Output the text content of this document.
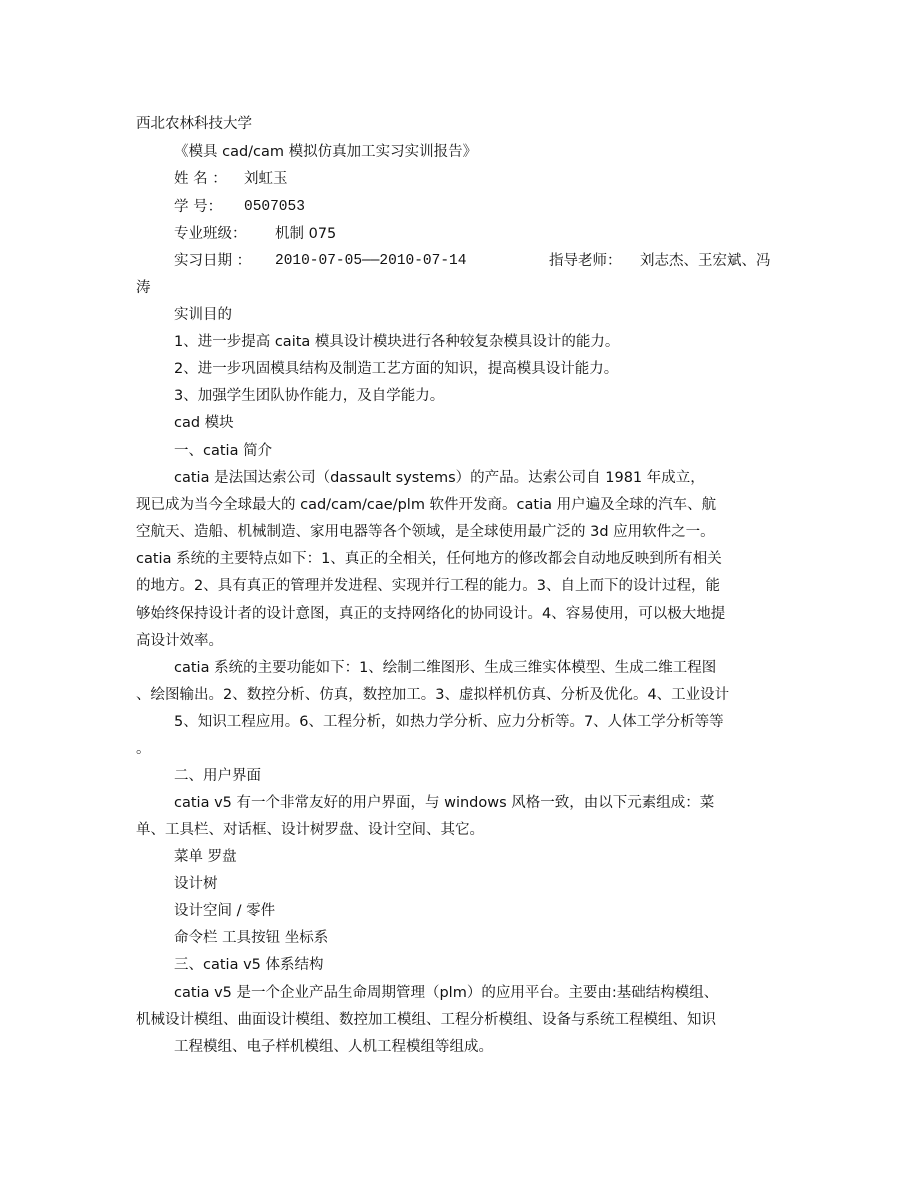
西北农林科技大学
《模具 cad/cam 模拟仿真加工实习实训报告》
姓 名 ： 刘虹玉
学 号： 0507053
专业班级： 机制 075
实习日期 ： 2010-07-05——2010-07-14	指导老师： 刘志杰、王宏斌、冯
涛
实训目的
1、进一步提高 caita 模具设计模块进行各种较复杂模具设计的能力。
2、进一步巩固模具结构及制造工艺方面的知识，提高模具设计能力。
3、加强学生团队协作能力，及自学能力。
cad 模块
一、catia 简介
catia 是法国达索公司（dassault systems）的产品。达索公司自 1981 年成立，
现已成为当今全球最大的 cad/cam/cae/plm 软件开发商。catia 用户遍及全球的汽车、航
空航天、造船、机械制造、家用电器等各个领域，是全球使用最广泛的 3d 应用软件之一。
catia 系统的主要特点如下：1、真正的全相关，任何地方的修改都会自动地反映到所有相关
的地方。2、具有真正的管理并发进程、实现并行工程的能力。3、自上而下的设计过程，能
够始终保持设计者的设计意图，真正的支持网络化的协同设计。4、容易使用，可以极大地提
高设计效率。
catia 系统的主要功能如下：1、绘制二维图形、生成三维实体模型、生成二维工程图
、绘图输出。2、数控分析、仿真，数控加工。3、虚拟样机仿真、分析及优化。4、工业设计
5、知识工程应用。6、工程分析，如热力学分析、应力分析等。7、人体工学分析等等
。
二、用户界面
catia v5 有一个非常友好的用户界面，与 windows 风格一致，由以下元素组成：菜
单、工具栏、对话框、设计树罗盘、设计空间、其它。
菜单 罗盘
设计树
设计空间 / 零件
命令栏 工具按钮 坐标系
三、catia v5 体系结构
catia v5 是一个企业产品生命周期管理（plm）的应用平台。主要由:基础结构模组、
机械设计模组、曲面设计模组、数控加工模组、工程分析模组、设备与系统工程模组、知识
工程模组、电子样机模组、人机工程模组等组成。
